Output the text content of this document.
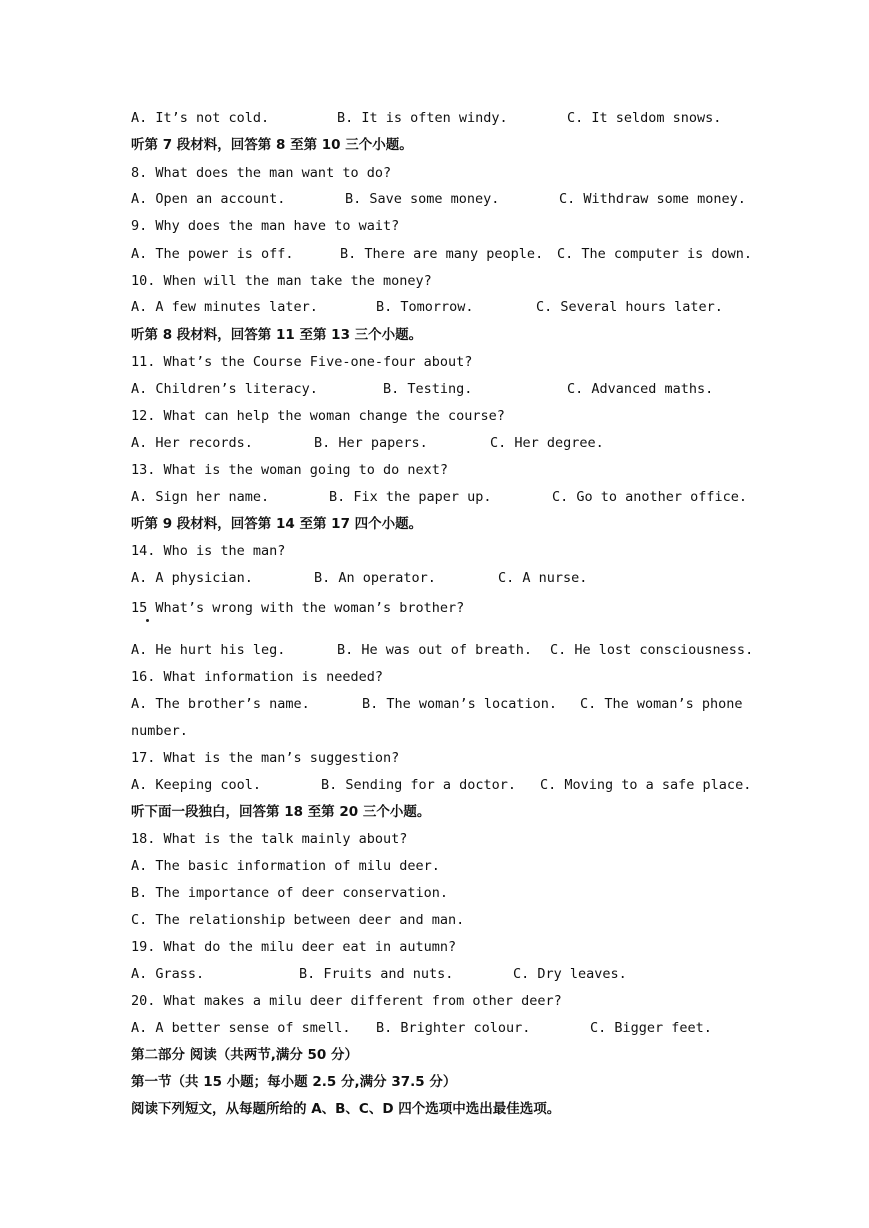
A. It’s not cold.	B. It is often windy.	C. It seldom snows.
听第 7 段材料，回答第 8 至第 10 三个小题。
8. What does the man want to do?
A. Open an account.	B. Save some money.	C. Withdraw some money.
9. Why does the man have to wait?
A. The power is off.	B. There are many people. C. The computer is down.
10. When will the man take the money?
A. A few minutes later.	B. Tomorrow.	C. Several hours later.
听第 8 段材料，回答第 11 至第 13 三个小题。
11. What’s the Course Five-one-four about?
A. Children’s literacy.	B. Testing.	C. Advanced maths.
12. What can help the woman change the course?
A. Her records.	B. Her papers.	C. Her degree.
13. What is the woman going to do next?
A. Sign her name.	B. Fix the paper up.	C. Go to another office.
听第 9 段材料，回答第 14 至第 17 四个小题。
14. Who is the man?
A. A physician.	B. An operator.	C. A nurse.
15 What’s wrong with the woman’s brother?
A. He hurt his leg.	B. He was out of breath. C. He lost consciousness.
16. What information is needed?
A. The brother’s name.	B. The woman’s location. C. The woman’s phone
number.
17. What is the man’s suggestion?
A. Keeping cool.	B. Sending for a doctor. C. Moving to a safe place.
听下面一段独白，回答第 18 至第 20 三个小题。
18. What is the talk mainly about?
A. The basic information of milu deer.
B. The importance of deer conservation.
C. The relationship between deer and man.
19. What do the milu deer eat in autumn?
A. Grass.	B. Fruits and nuts.	C. Dry leaves.
20. What makes a milu deer different from other deer?
A. A better sense of smell. B. Brighter colour.	C. Bigger feet.
第二部分 阅读（共两节,满分 50 分）
第一节（共 15 小题；每小题 2.5 分,满分 37.5 分）
阅读下列短文，从每题所给的 A、B、C、D 四个选项中选出最佳选项。
